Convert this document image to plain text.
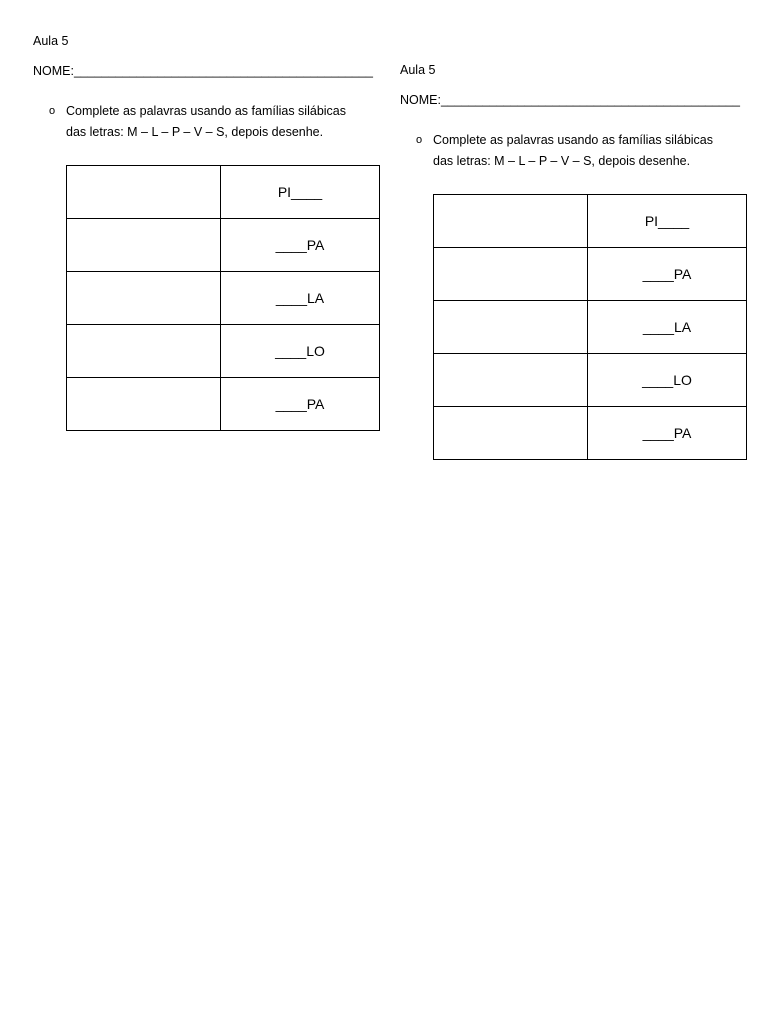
Aula 5
NOME:___________________________________________
o Complete as palavras usando as famílias silábicas das letras: M – L – P – V – S, depois desenhe.
	PI____
	____PA
	____LA
	____LO
	____PA
Aula 5
NOME:___________________________________________
o Complete as palavras usando as famílias silábicas das letras: M – L – P – V – S, depois desenhe.
	PI____
	____PA
	____LA
	____LO
	____PA
